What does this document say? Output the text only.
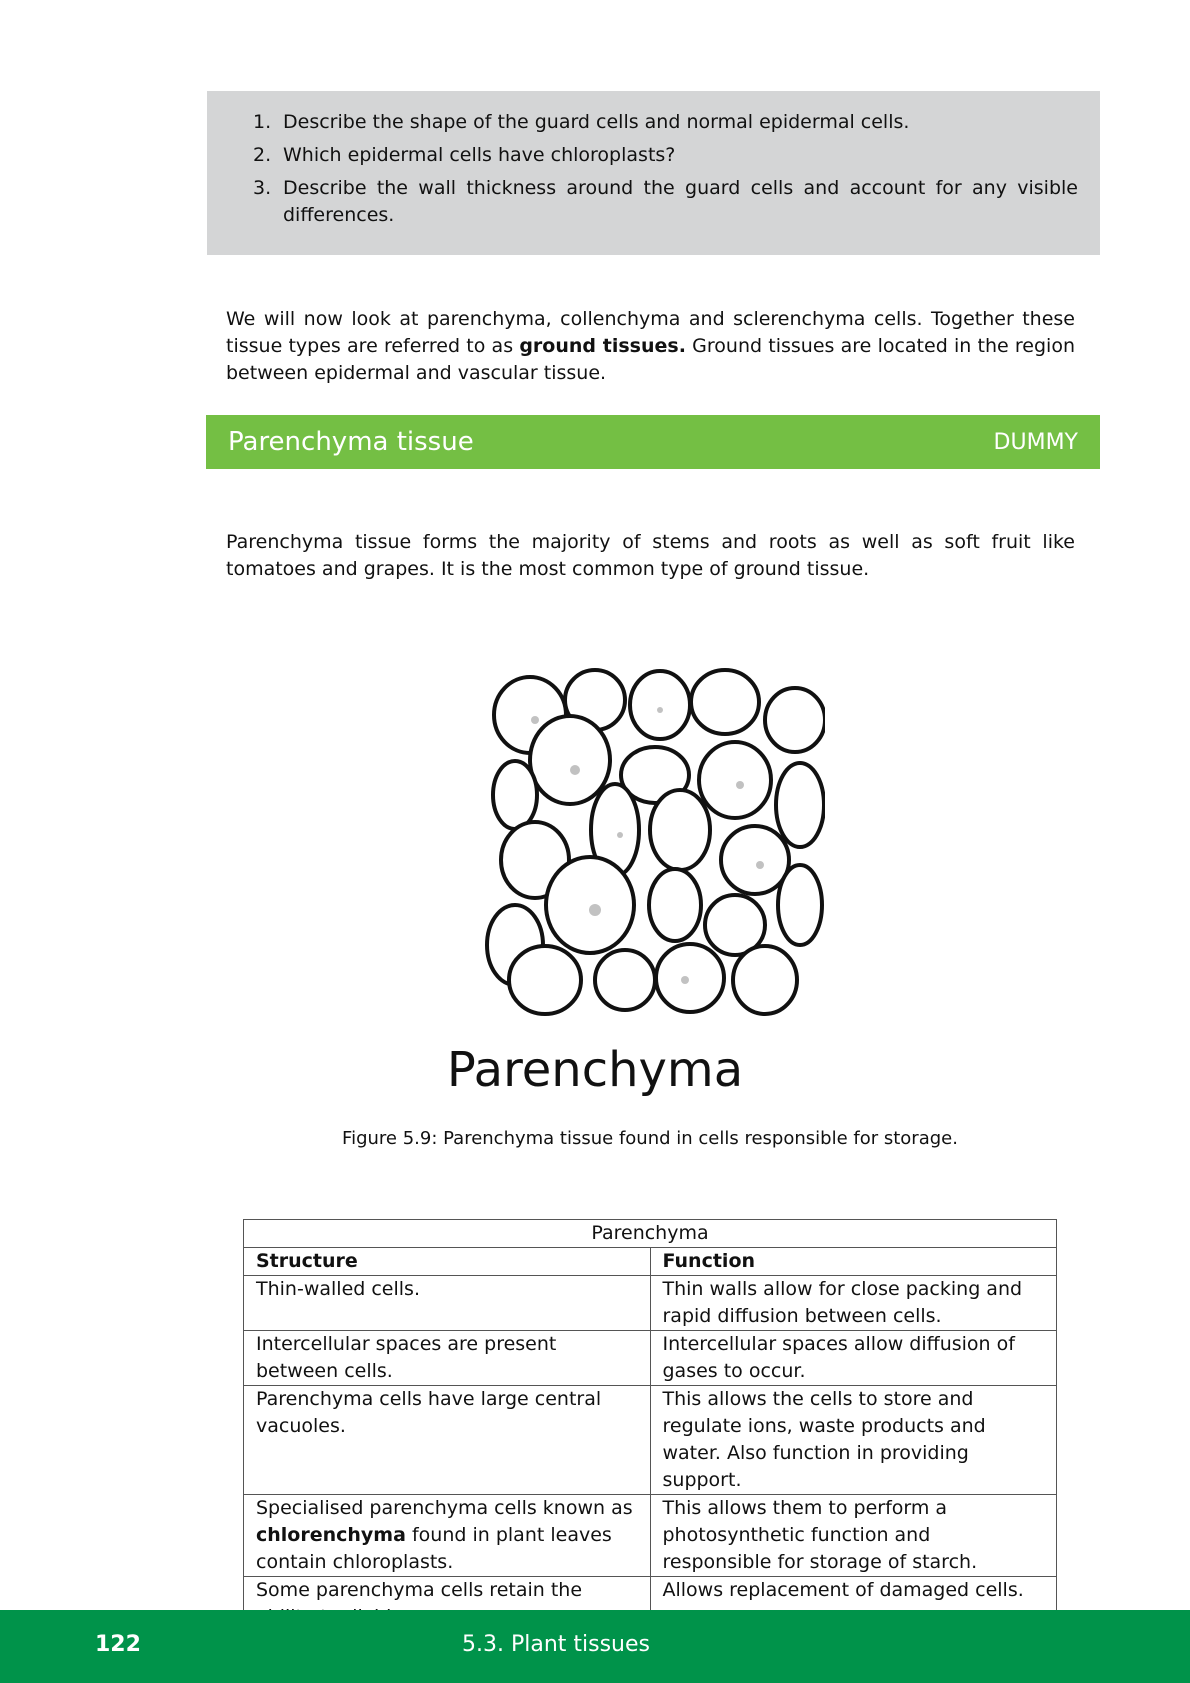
1. Describe the shape of the guard cells and normal epidermal cells.
2. Which epidermal cells have chloroplasts?
3. Describe the wall thickness around the guard cells and account for any visible differences.

We will now look at parenchyma, collenchyma and sclerenchyma cells. Together these tissue types are referred to as ground tissues. Ground tissues are located in the region between epidermal and vascular tissue.

Parenchyma tissue	DUMMY

Parenchyma tissue forms the majority of stems and roots as well as soft fruit like tomatoes and grapes. It is the most common type of ground tissue.

Parenchyma
Figure 5.9: Parenchyma tissue found in cells responsible for storage.
Parenchyma	
Structure	Function
Thin-walled cells.	Thin walls allow for close packing and rapid diffusion between cells.
Intercellular spaces are present between cells.	Intercellular spaces allow diffusion of gases to occur.
Parenchyma cells have large central vacuoles.	This allows the cells to store and regulate ions, waste products and water. Also function in providing support.
Specialised parenchyma cells known as chlorenchyma found in plant leaves contain chloroplasts.	This allows them to perform a photosynthetic function and responsible for storage of starch.
Some parenchyma cells retain the	Allows replacement of damaged cells.
122	5.3. Plant tissues
